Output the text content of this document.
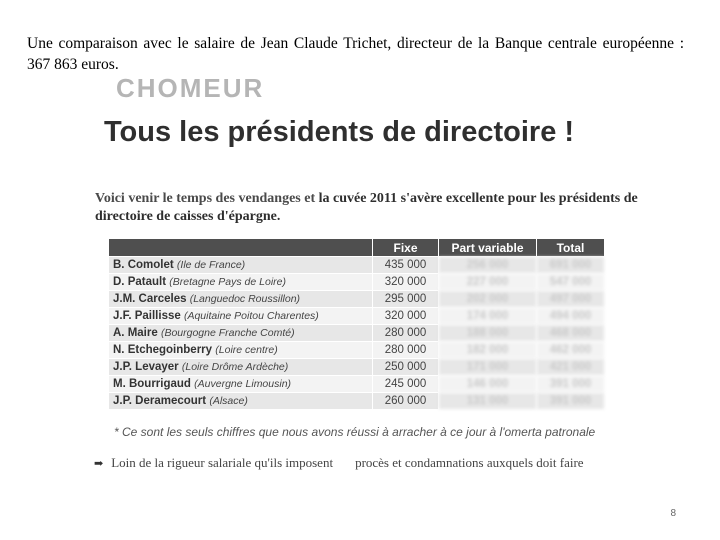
Une comparaison avec le salaire de Jean Claude Trichet, directeur de la Banque centrale européenne : 367 863 euros.
CHOMEUR
Tous les présidents de directoire !
Voici venir le temps des vendanges et la cuvée 2011 s'avère excellente pour les présidents de directoire de caisses d'épargne.
	Fixe	Part variable	Total
B. Comolet (Ile de France)	435 000	256 000	691 000
D. Patault (Bretagne Pays de Loire)	320 000	227 000	547 000
J.M. Carceles (Languedoc Roussillon)	295 000	202 000	497 000
J.F. Paillisse (Aquitaine Poitou Charentes)	320 000	174 000	494 000
A. Maire (Bourgogne Franche Comté)	280 000	188 000	468 000
N. Etchegoinberry (Loire centre)	280 000	182 000	462 000
J.P. Levayer (Loire Drôme Ardèche)	250 000	171 000	421 000
M. Bourrigaud (Auvergne Limousin)	245 000	146 000	391 000
J.P. Deramecourt (Alsace)	260 000	131 000	391 000
* Ce sont les seuls chiffres que nous avons réussi à arracher à ce jour à l'omerta patronale
➡ Loin de la rigueur salariale qu'ils imposent procès et condamnations auxquels doit faire
8
